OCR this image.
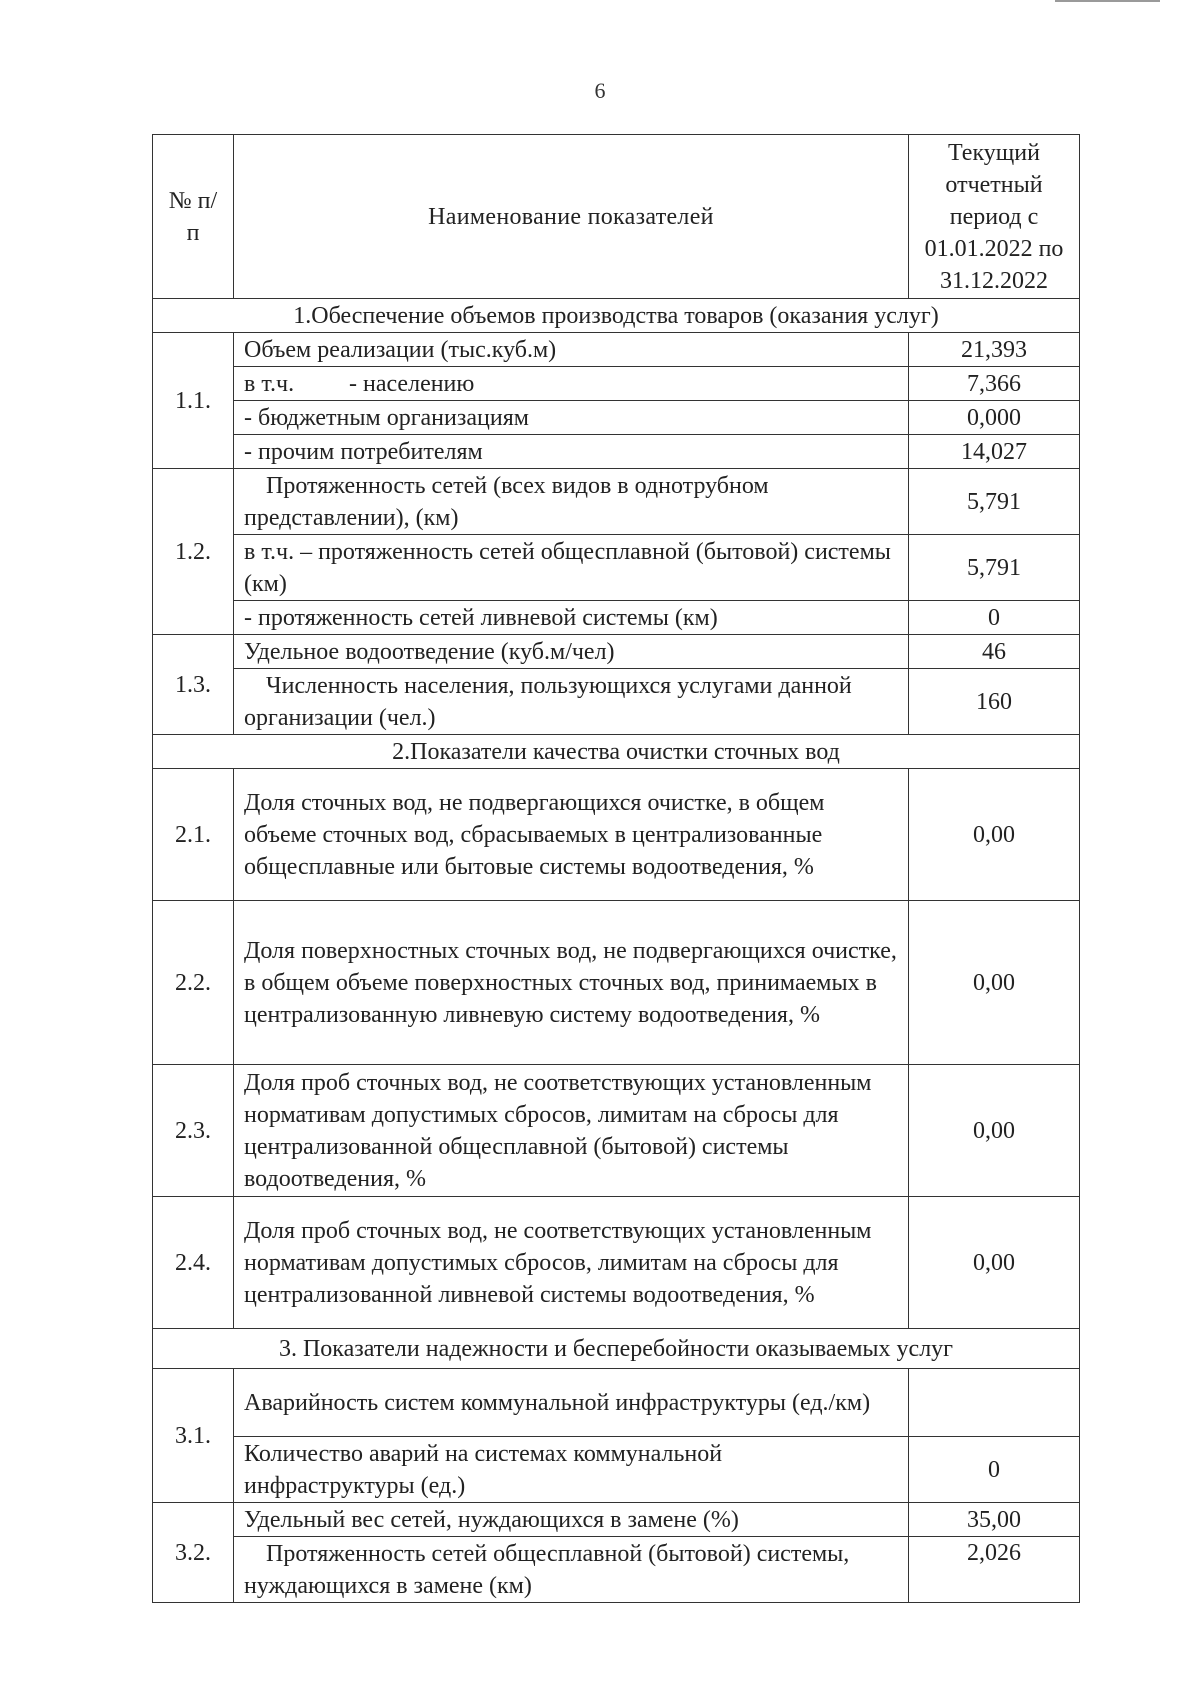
6
№ п/п	Наименование показателей	Текущий отчетный период с 01.01.2022 по 31.12.2022
1.Обеспечение объемов производства товаров (оказания услуг)		
1.1.	Объем реализации (тыс.куб.м)	21,393
	в т.ч. - населению	7,366
	- бюджетным организациям	0,000
	- прочим потребителям	14,027
1.2.	Протяженность сетей (всех видов в однотрубном представлении), (км)	5,791
	в т.ч. – протяженность сетей общесплавной (бытовой) системы (км)	5,791
	- протяженность сетей ливневой системы (км)	0
1.3.	Удельное водоотведение (куб.м/чел)	46
	Численность населения, пользующихся услугами данной организации (чел.)	160
2.Показатели качества очистки сточных вод		
2.1.	Доля сточных вод, не подвергающихся очистке, в общем объеме сточных вод, сбрасываемых в централизованные общесплавные или бытовые системы водоотведения, %	0,00
2.2.	Доля поверхностных сточных вод, не подвергающихся очистке, в общем объеме поверхностных сточных вод, принимаемых в централизованную ливневую систему водоотведения, %	0,00
2.3.	Доля проб сточных вод, не соответствующих установленным нормативам допустимых сбросов, лимитам на сбросы для централизованной общесплавной (бытовой) системы водоотведения, %	0,00
2.4.	Доля проб сточных вод, не соответствующих установленным нормативам допустимых сбросов, лимитам на сбросы для централизованной ливневой системы водоотведения, %	0,00
3. Показатели надежности и бесперебойности оказываемых услуг		
3.1.	Аварийность систем коммунальной инфраструктуры (ед./км)	
	Количество аварий на системах коммунальной инфраструктуры (ед.)	0
3.2.	Удельный вес сетей, нуждающихся в замене (%)	35,00
	Протяженность сетей общесплавной (бытовой) системы, нуждающихся в замене (км)	2,026
